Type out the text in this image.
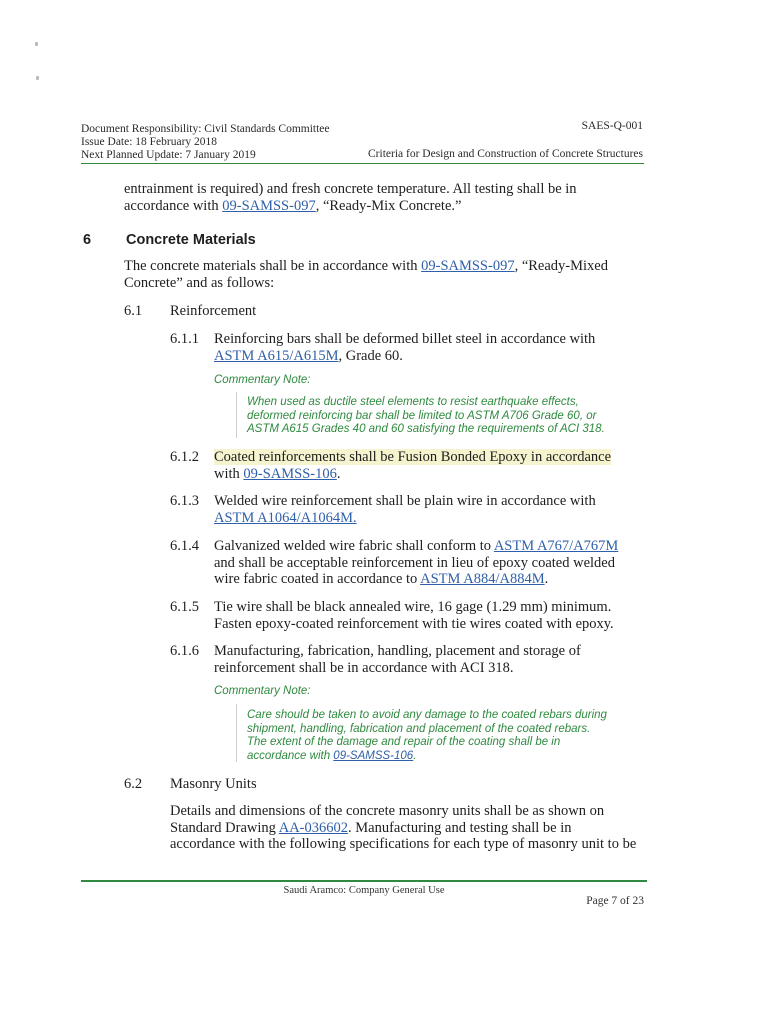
Document Responsibility: Civil Standards Committee
Issue Date: 18 February 2018
Next Planned Update: 7 January 2019
SAES-Q-001
Criteria for Design and Construction of Concrete Structures
entrainment is required) and fresh concrete temperature. All testing shall be in
accordance with 09-SAMSS-097, “Ready-Mix Concrete.”
6 Concrete Materials
The concrete materials shall be in accordance with 09-SAMSS-097, “Ready-Mixed
Concrete” and as follows:
6.1 Reinforcement
6.1.1 Reinforcing bars shall be deformed billet steel in accordance with
ASTM A615/A615M, Grade 60.
Commentary Note:
When used as ductile steel elements to resist earthquake effects,
deformed reinforcing bar shall be limited to ASTM A706 Grade 60, or
ASTM A615 Grades 40 and 60 satisfying the requirements of ACI 318.
6.1.2 Coated reinforcements shall be Fusion Bonded Epoxy in accordance
with 09-SAMSS-106.
6.1.3 Welded wire reinforcement shall be plain wire in accordance with
ASTM A1064/A1064M.
6.1.4 Galvanized welded wire fabric shall conform to ASTM A767/A767M
and shall be acceptable reinforcement in lieu of epoxy coated welded
wire fabric coated in accordance to ASTM A884/A884M.
6.1.5 Tie wire shall be black annealed wire, 16 gage (1.29 mm) minimum.
Fasten epoxy-coated reinforcement with tie wires coated with epoxy.
6.1.6 Manufacturing, fabrication, handling, placement and storage of
reinforcement shall be in accordance with ACI 318.
Commentary Note:
Care should be taken to avoid any damage to the coated rebars during
shipment, handling, fabrication and placement of the coated rebars.
The extent of the damage and repair of the coating shall be in
accordance with 09-SAMSS-106.
6.2 Masonry Units
Details and dimensions of the concrete masonry units shall be as shown on
Standard Drawing AA-036602. Manufacturing and testing shall be in
accordance with the following specifications for each type of masonry unit to be
Saudi Aramco: Company General Use
Page 7 of 23
